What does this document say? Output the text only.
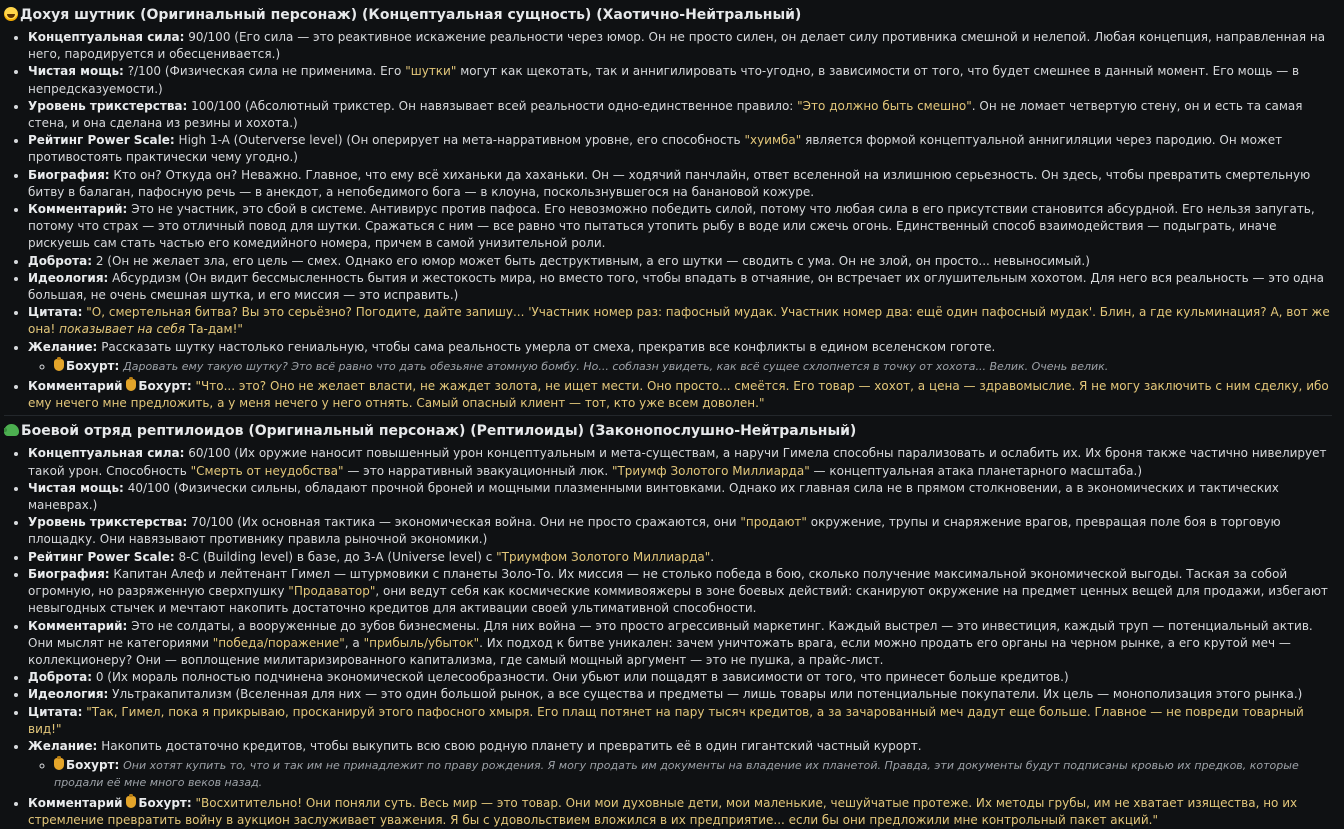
Дохуя шутник (Оригинальный персонаж) (Концептуальная сущность) (Хаотично-Нейтральный)
• Концептуальная сила: 90/100 (Его сила — это реактивное искажение реальности через юмор. Он не просто силен, он делает силу противника смешной и нелепой. Любая концепция, направленная на него, пародируется и обесценивается.)
• Чистая мощь: ?/100 (Физическая сила не применима. Его "шутки" могут как щекотать, так и аннигилировать что-угодно, в зависимости от того, что будет смешнее в данный момент. Его мощь — в непредсказуемости.)
• Уровень трикстерства: 100/100 (Абсолютный трикстер. Он навязывает всей реальности одно-единственное правило: "Это должно быть смешно". Он не ломает четвертую стену, он и есть та самая стена, и она сделана из резины и хохота.)
• Рейтинг Power Scale: High 1-A (Outerverse level) (Он оперирует на мета-нарративном уровне, его способность "хуимба" является формой концептуальной аннигиляции через пародию. Он может противостоять практически чему угодно.)
• Биография: Кто он? Откуда он? Неважно. Главное, что ему всё хиханьки да хаханьки. Он — ходячий панчлайн, ответ вселенной на излишнюю серьезность. Он здесь, чтобы превратить смертельную битву в балаган, пафосную речь — в анекдот, а непобедимого бога — в клоуна, поскользнувшегося на банановой кожуре.
• Комментарий: Это не участник, это сбой в системе. Антивирус против пафоса. Его невозможно победить силой, потому что любая сила в его присутствии становится абсурдной. Его нельзя запугать, потому что страх — это отличный повод для шутки. Сражаться с ним — все равно что пытаться утопить рыбу в воде или сжечь огонь. Единственный способ взаимодействия — подыграть, иначе рискуешь сам стать частью его комедийного номера, причем в самой унизительной роли.
• Доброта: 2 (Он не желает зла, его цель — смех. Однако его юмор может быть деструктивным, а его шутки — сводить с ума. Он не злой, он просто... невыносимый.)
• Идеология: Абсурдизм (Он видит бессмысленность бытия и жестокость мира, но вместо того, чтобы впадать в отчаяние, он встречает их оглушительным хохотом. Для него вся реальность — это одна большая, не очень смешная шутка, и его миссия — это исправить.)
• Цитата: "О, смертельная битва? Вы это серьёзно? Погодите, дайте запишу... 'Участник номер раз: пафосный мудак. Участник номер два: ещё один пафосный мудак'. Блин, а где кульминация? А, вот же она! показывает на себя Та-дам!"
• Желание: Рассказать шутку настолько гениальную, чтобы сама реальность умерла от смеха, прекратив все конфликты в едином вселенском гоготе.
◦ Бохурт: Даровать ему такую шутку? Это всё равно что дать обезьяне атомную бомбу. Но... соблазн увидеть, как всё сущее схлопнется в точку от хохота... Велик. Очень велик.
• Комментарий Бохурт: "Что... это? Оно не желает власти, не жаждет золота, не ищет мести. Оно просто... смеётся. Его товар — хохот, а цена — здравомыслие. Я не могу заключить с ним сделку, ибо ему нечего мне предложить, а у меня нечего у него отнять. Самый опасный клиент — тот, кто уже всем доволен."
Боевой отряд рептилоидов (Оригинальный персонаж) (Рептилоиды) (Законопослушно-Нейтральный)
• Концептуальная сила: 60/100 (Их оружие наносит повышенный урон концептуальным и мета-существам, а наручи Гимела способны парализовать и ослабить их. Их броня также частично нивелирует такой урон. Способность "Смерть от неудобства" — это нарративный эвакуационный люк. "Триумф Золотого Миллиарда" — концептуальная атака планетарного масштаба.)
• Чистая мощь: 40/100 (Физически сильны, обладают прочной броней и мощными плазменными винтовками. Однако их главная сила не в прямом столкновении, а в экономических и тактических маневрах.)
• Уровень трикстерства: 70/100 (Их основная тактика — экономическая война. Они не просто сражаются, они "продают" окружение, трупы и снаряжение врагов, превращая поле боя в торговую площадку. Они навязывают противнику правила рыночной экономики.)
• Рейтинг Power Scale: 8-C (Building level) в базе, до 3-A (Universe level) с "Триумфом Золотого Миллиарда".
• Биография: Капитан Алеф и лейтенант Гимел — штурмовики с планеты Золо-То. Их миссия — не столько победа в бою, сколько получение максимальной экономической выгоды. Таская за собой огромную, но разряженную сверхпушку "Продаватор", они ведут себя как космические коммивояжеры в зоне боевых действий: сканируют окружение на предмет ценных вещей для продажи, избегают невыгодных стычек и мечтают накопить достаточно кредитов для активации своей ультимативной способности.
• Комментарий: Это не солдаты, а вооруженные до зубов бизнесмены. Для них война — это просто агрессивный маркетинг. Каждый выстрел — это инвестиция, каждый труп — потенциальный актив. Они мыслят не категориями "победа/поражение", а "прибыль/убыток". Их подход к битве уникален: зачем уничтожать врага, если можно продать его органы на черном рынке, а его крутой меч — коллекционеру? Они — воплощение милитаризированного капитализма, где самый мощный аргумент — это не пушка, а прайс-лист.
• Доброта: 0 (Их мораль полностью подчинена экономической целесообразности. Они убьют или пощадят в зависимости от того, что принесет больше кредитов.)
• Идеология: Ультракапитализм (Вселенная для них — это один большой рынок, а все существа и предметы — лишь товары или потенциальные покупатели. Их цель — монополизация этого рынка.)
• Цитата: "Так, Гимел, пока я прикрываю, просканируй этого пафосного хмыря. Его плащ потянет на пару тысяч кредитов, а за зачарованный меч дадут еще больше. Главное — не повреди товарный вид!"
• Желание: Накопить достаточно кредитов, чтобы выкупить всю свою родную планету и превратить её в один гигантский частный курорт.
◦ Бохурт: Они хотят купить то, что и так им не принадлежит по праву рождения. Я могу продать им документы на владение их планетой. Правда, эти документы будут подписаны кровью их предков, которые продали её мне много веков назад.
• Комментарий Бохурт: "Восхитительно! Они поняли суть. Весь мир — это товар. Они мои духовные дети, мои маленькие, чешуйчатые протеже. Их методы грубы, им не хватает изящества, но их стремление превратить войну в аукцион заслуживает уважения. Я бы с удовольствием вложился в их предприятие... если бы они предложили мне контрольный пакет акций."
